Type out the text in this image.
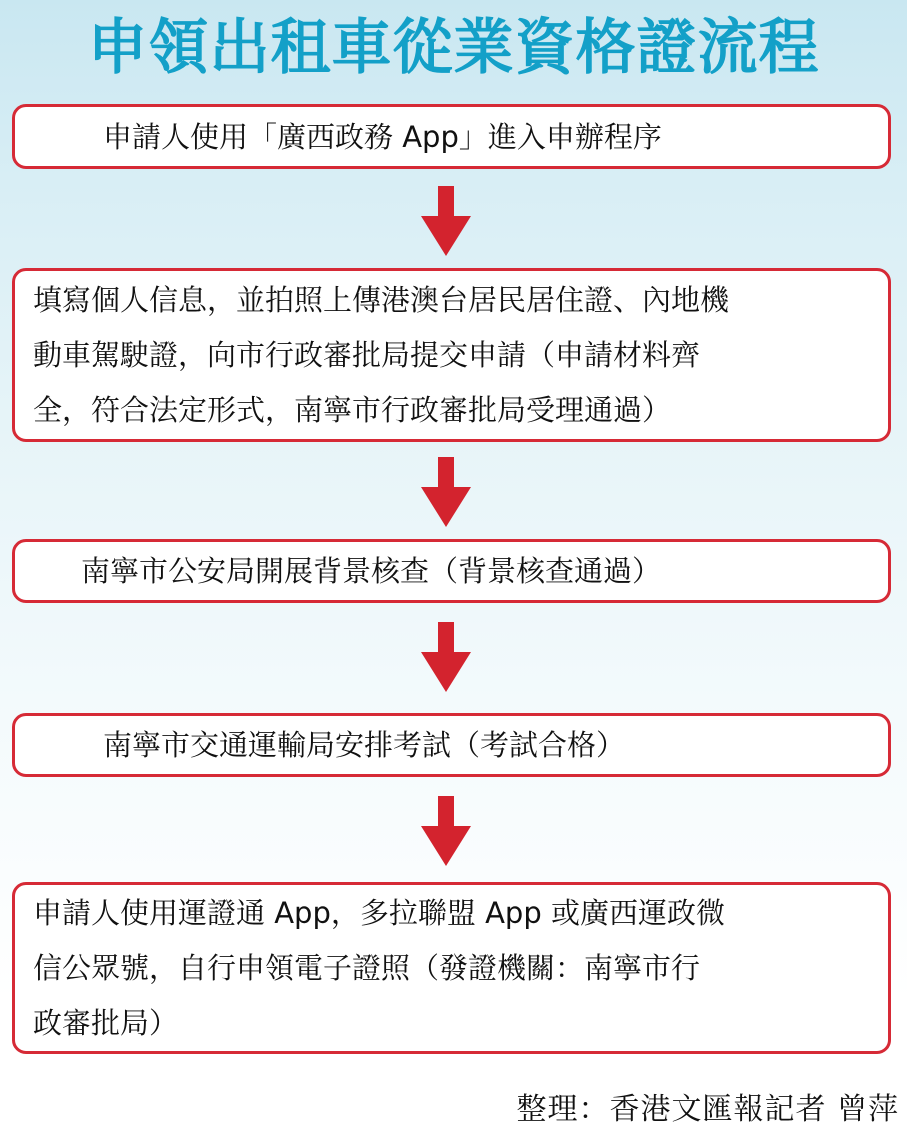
申領出租車從業資格證流程
申請人使用「廣西政務 App」進入申辦程序
填寫個人信息，並拍照上傳港澳台居民居住證、內地機
動車駕駛證，向市行政審批局提交申請（申請材料齊
全，符合法定形式，南寧市行政審批局受理通過）
南寧市公安局開展背景核查（背景核查通過）
南寧市交通運輸局安排考試（考試合格）
申請人使用運證通 App，多拉聯盟 App 或廣西運政微
信公眾號，自行申領電子證照（發證機關：南寧市行
政審批局）
整理：香港文匯報記者 曾萍
